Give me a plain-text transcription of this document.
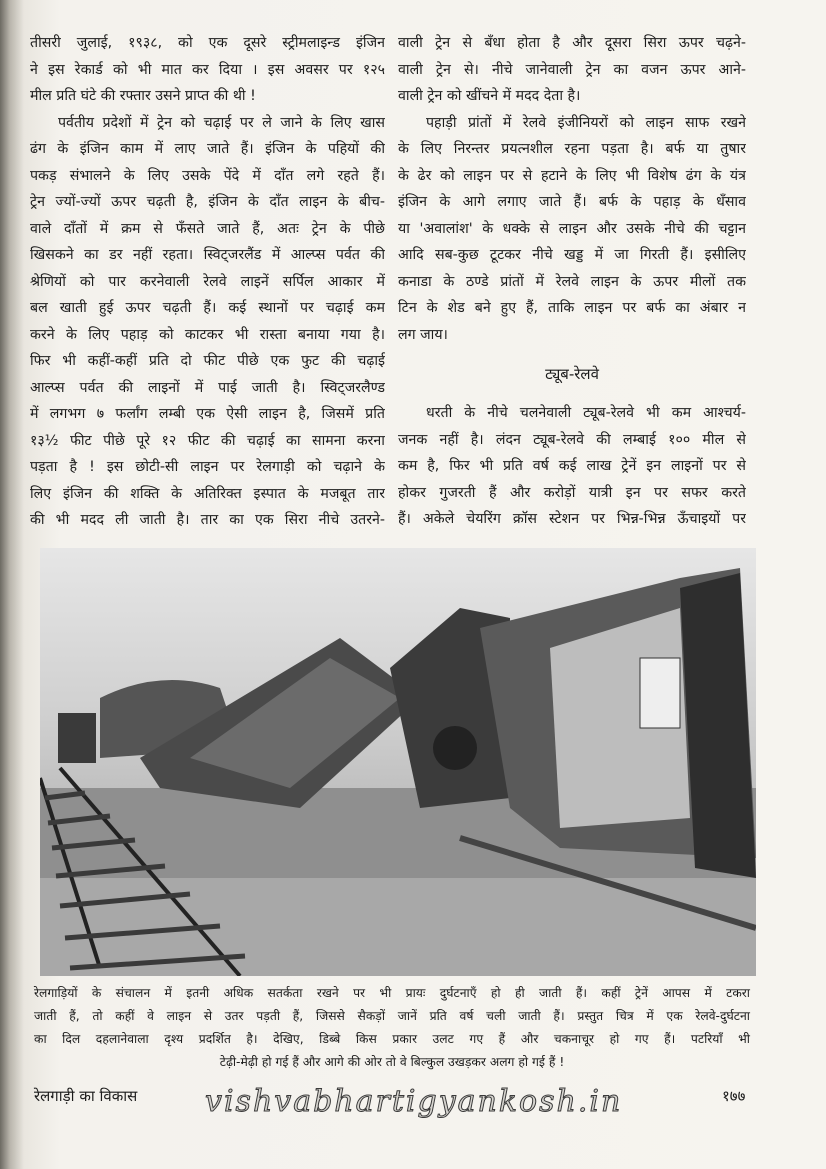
तीसरी जुलाई, १९३८, को एक दूसरे स्ट्रीमलाइन्ड इंजिन
ने इस रेकार्ड को भी मात कर दिया । इस अवसर पर १२५
मील प्रति घंटे की रफ्तार उसने प्राप्त की थी !
पर्वतीय प्रदेशों में ट्रेन को चढ़ाई पर ले जाने के लिए खास
ढंग के इंजिन काम में लाए जाते हैं। इंजिन के पहियों की
पकड़ संभालने के लिए उसके पेंदे में दाँत लगे रहते हैं।
ट्रेन ज्यों-ज्यों ऊपर चढ़ती है, इंजिन के दाँत लाइन के बीच-
वाले दाँतों में क्रम से फँसते जाते हैं, अतः ट्रेन के पीछे
खिसकने का डर नहीं रहता। स्विट्जरलैंड में आल्प्स पर्वत की
श्रेणियों को पार करनेवाली रेलवे लाइनें सर्पिल आकार में
बल खाती हुई ऊपर चढ़ती हैं। कई स्थानों पर चढ़ाई कम
करने के लिए पहाड़ को काटकर भी रास्ता बनाया गया है।
फिर भी कहीं-कहीं प्रति दो फीट पीछे एक फुट की चढ़ाई
आल्प्स पर्वत की लाइनों में पाई जाती है। स्विट्जरलैण्ड
में लगभग ७ फर्लांग लम्बी एक ऐसी लाइन है, जिसमें प्रति
१३½ फीट पीछे पूरे १२ फीट की चढ़ाई का सामना करना
पड़ता है ! इस छोटी-सी लाइन पर रेलगाड़ी को चढ़ाने के
लिए इंजिन की शक्ति के अतिरिक्त इस्पात के मजबूत तार
की भी मदद ली जाती है। तार का एक सिरा नीचे उतरने-
वाली ट्रेन से बँधा होता है और दूसरा सिरा ऊपर चढ़ने-
वाली ट्रेन से। नीचे जानेवाली ट्रेन का वजन ऊपर आने-
वाली ट्रेन को खींचने में मदद देता है।
पहाड़ी प्रांतों में रेलवे इंजीनियरों को लाइन साफ रखने
के लिए निरन्तर प्रयत्नशील रहना पड़ता है। बर्फ या तुषार
के ढेर को लाइन पर से हटाने के लिए भी विशेष ढंग के यंत्र
इंजिन के आगे लगाए जाते हैं। बर्फ के पहाड़ के धँसाव
या 'अवालांश' के धक्के से लाइन और उसके नीचे की चट्टान
आदि सब-कुछ टूटकर नीचे खड्ड में जा गिरती हैं। इसीलिए
कनाडा के ठण्डे प्रांतों में रेलवे लाइन के ऊपर मीलों तक
टिन के शेड बने हुए हैं, ताकि लाइन पर बर्फ का अंबार न
लग जाय।
ट्यूब-रेलवे
धरती के नीचे चलनेवाली ट्यूब-रेलवे भी कम आश्चर्य-
जनक नहीं है। लंदन ट्यूब-रेलवे की लम्बाई १०० मील से
कम है, फिर भी प्रति वर्ष कई लाख ट्रेनें इन लाइनों पर से
होकर गुजरती हैं और करोड़ों यात्री इन पर सफर करते
हैं। अकेले चेयरिंग क्रॉस स्टेशन पर भिन्न-भिन्न ऊँचाइयों पर
रेलगाड़ियों के संचालन में इतनी अधिक सतर्कता रखने पर भी प्रायः दुर्घटनाएँ हो ही जाती हैं। कहीं ट्रेनें आपस में टकरा
जाती हैं, तो कहीं वे लाइन से उतर पड़ती हैं, जिससे सैकड़ों जानें प्रति वर्ष चली जाती हैं। प्रस्तुत चित्र में एक रेलवे-दुर्घटना
का दिल दहलानेवाला दृश्य प्रदर्शित है। देखिए, डिब्बे किस प्रकार उलट गए हैं और चकनाचूर हो गए हैं। पटरियाँ भी
टेढ़ी-मेढ़ी हो गई हैं और आगे की ओर तो वे बिल्कुल उखड़कर अलग हो गई हैं !
रेलगाड़ी का विकास vishvabhartigyankosh.in	१७७
